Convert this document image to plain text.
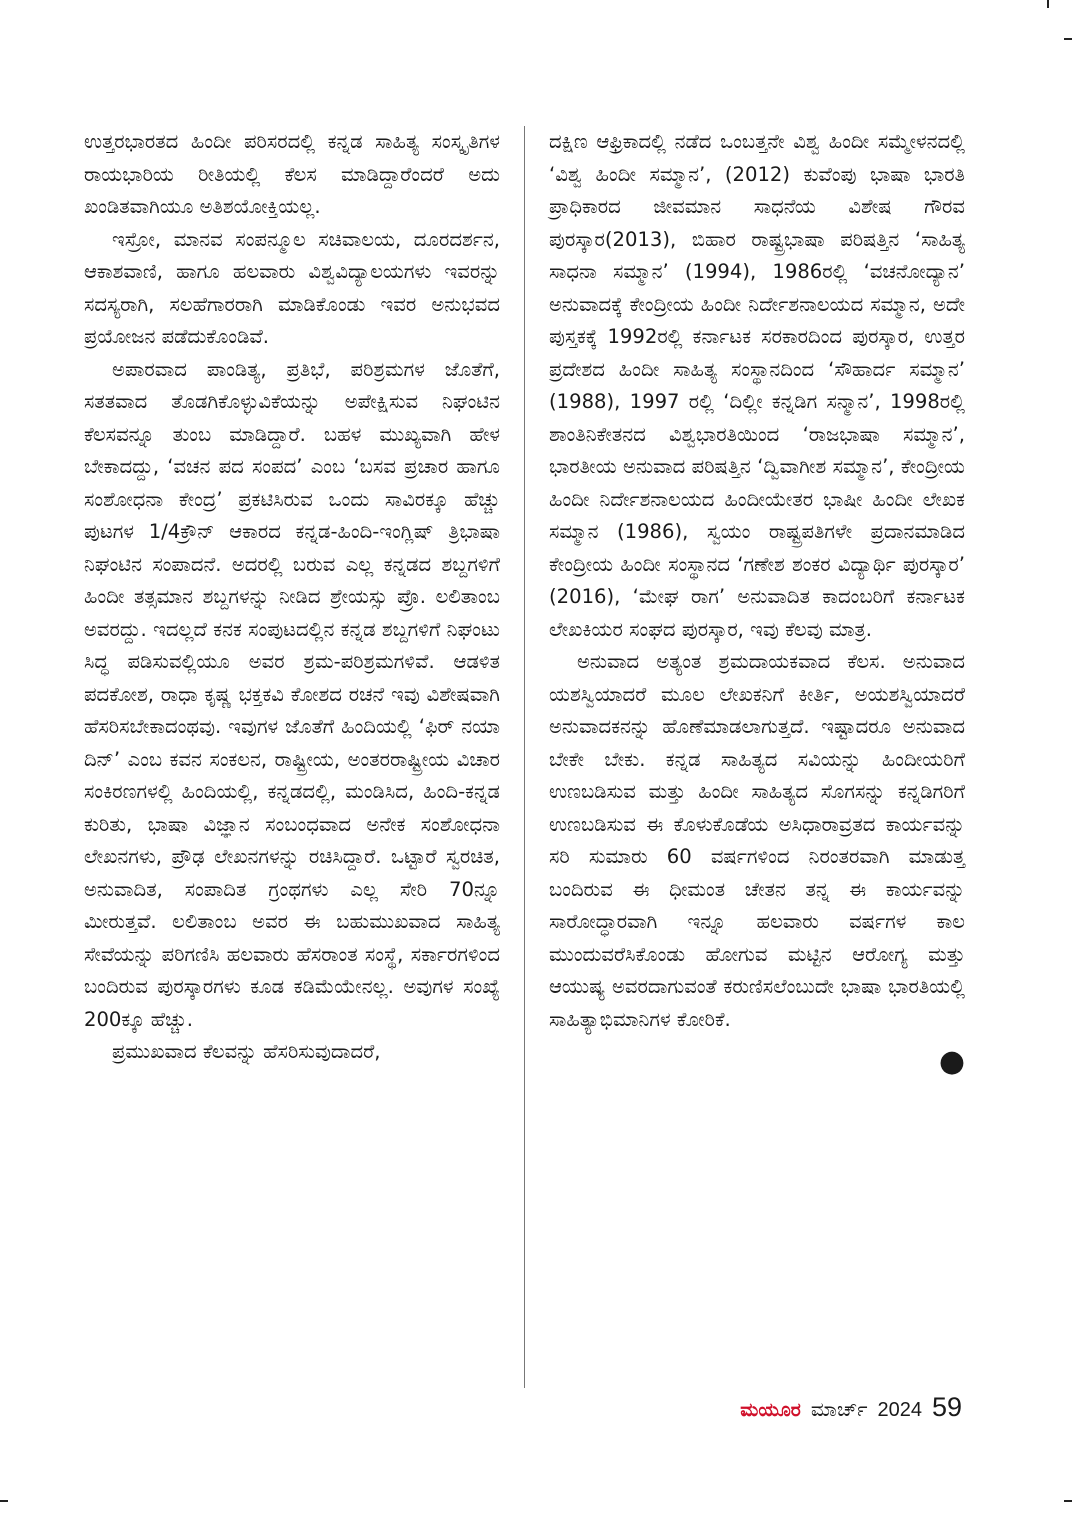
ಉತ್ತರಭಾರತದ ಹಿಂದೀ ಪರಿಸರದಲ್ಲಿ ಕನ್ನಡ ಸಾಹಿತ್ಯ ಸಂಸ್ಕೃತಿಗಳ ರಾಯಭಾರಿಯ ರೀತಿಯಲ್ಲಿ ಕೆಲಸ ಮಾಡಿದ್ದಾರೆಂದರೆ ಅದು ಖಂಡಿತವಾಗಿಯೂ ಅತಿಶಯೋಕ್ತಿಯಲ್ಲ.

ಇಸ್ರೋ, ಮಾನವ ಸಂಪನ್ಮೂಲ ಸಚಿವಾಲಯ, ದೂರದರ್ಶನ, ಆಕಾಶವಾಣಿ, ಹಾಗೂ ಹಲವಾರು ವಿಶ್ವವಿದ್ಯಾಲಯಗಳು ಇವರನ್ನು ಸದಸ್ಯರಾಗಿ, ಸಲಹೆಗಾರರಾಗಿ ಮಾಡಿಕೊಂಡು ಇವರ ಅನುಭವದ ಪ್ರಯೋಜನ ಪಡೆದುಕೊಂಡಿವೆ.

ಅಪಾರವಾದ ಪಾಂಡಿತ್ಯ, ಪ್ರತಿಭೆ, ಪರಿಶ್ರಮಗಳ ಜೊತೆಗೆ, ಸತತವಾದ ತೊಡಗಿಕೊಳ್ಳುವಿಕೆಯನ್ನು ಅಪೇಕ್ಷಿಸುವ ನಿಘಂಟಿನ ಕೆಲಸವನ್ನೂ ತುಂಬ ಮಾಡಿದ್ದಾರೆ. ಬಹಳ ಮುಖ್ಯವಾಗಿ ಹೇಳ ಬೇಕಾದದ್ದು, ‘ವಚನ ಪದ ಸಂಪದ’ ಎಂಬ ‘ಬಸವ ಪ್ರಚಾರ ಹಾಗೂ ಸಂಶೋಧನಾ ಕೇಂದ್ರ’ ಪ್ರಕಟಿಸಿರುವ ಒಂದು ಸಾವಿರಕ್ಕೂ ಹೆಚ್ಚು ಪುಟಗಳ 1/4ಕ್ರೌನ್ ಆಕಾರದ ಕನ್ನಡ-ಹಿಂದಿ-ಇಂಗ್ಲಿಷ್ ತ್ರಿಭಾಷಾ ನಿಘಂಟಿನ ಸಂಪಾದನೆ. ಅದರಲ್ಲಿ ಬರುವ ಎಲ್ಲ ಕನ್ನಡದ ಶಬ್ದಗಳಿಗೆ ಹಿಂದೀ ತತ್ಸಮಾನ ಶಬ್ದಗಳನ್ನು ನೀಡಿದ ಶ್ರೇಯಸ್ಸು ಪ್ರೊ. ಲಲಿತಾಂಬ ಅವರದ್ದು. ಇದಲ್ಲದೆ ಕನಕ ಸಂಪುಟದಲ್ಲಿನ ಕನ್ನಡ ಶಬ್ದಗಳಿಗೆ ನಿಘಂಟು ಸಿದ್ಧ ಪಡಿಸುವಲ್ಲಿಯೂ ಅವರ ಶ್ರಮ-ಪರಿಶ್ರಮಗಳಿವೆ. ಆಡಳಿತ ಪದಕೋಶ, ರಾಧಾ ಕೃಷ್ಣ ಭಕ್ತಕವಿ ಕೋಶದ ರಚನೆ ಇವು ವಿಶೇಷವಾಗಿ ಹೆಸರಿಸಬೇಕಾದಂಥವು. ಇವುಗಳ ಜೊತೆಗೆ ಹಿಂದಿಯಲ್ಲಿ ‘ಫಿರ್ ನಯಾ ದಿನ್’ ಎಂಬ ಕವನ ಸಂಕಲನ, ರಾಷ್ಟ್ರೀಯ, ಅಂತರರಾಷ್ಟ್ರೀಯ ವಿಚಾರ ಸಂಕಿರಣಗಳಲ್ಲಿ ಹಿಂದಿಯಲ್ಲಿ, ಕನ್ನಡದಲ್ಲಿ, ಮಂಡಿಸಿದ, ಹಿಂದಿ-ಕನ್ನಡ ಕುರಿತು, ಭಾಷಾ ವಿಜ್ಞಾನ ಸಂಬಂಧವಾದ ಅನೇಕ ಸಂಶೋಧನಾ ಲೇಖನಗಳು, ಪ್ರೌಢ ಲೇಖನಗಳನ್ನು ರಚಿಸಿದ್ದಾರೆ. ಒಟ್ಟಾರೆ ಸ್ವರಚಿತ, ಅನುವಾದಿತ, ಸಂಪಾದಿತ ಗ್ರಂಥಗಳು ಎಲ್ಲ ಸೇರಿ 70ನ್ನೂ ಮೀರುತ್ತವೆ. ಲಲಿತಾಂಬ ಅವರ ಈ ಬಹುಮುಖವಾದ ಸಾಹಿತ್ಯ ಸೇವೆಯನ್ನು ಪರಿಗಣಿಸಿ ಹಲವಾರು ಹೆಸರಾಂತ ಸಂಸ್ಥೆ, ಸರ್ಕಾರಗಳಿಂದ ಬಂದಿರುವ ಪುರಸ್ಕಾರಗಳು ಕೂಡ ಕಡಿಮೆಯೇನಲ್ಲ. ಅವುಗಳ ಸಂಖ್ಯೆ 200ಕ್ಕೂ ಹೆಚ್ಚು.

ಪ್ರಮುಖವಾದ ಕೆಲವನ್ನು ಹೆಸರಿಸುವುದಾದರೆ,

ದಕ್ಷಿಣ ಆಫ್ರಿಕಾದಲ್ಲಿ ನಡೆದ ಒಂಬತ್ತನೇ ವಿಶ್ವ ಹಿಂದೀ ಸಮ್ಮೇಳನದಲ್ಲಿ ‘ವಿಶ್ವ ಹಿಂದೀ ಸಮ್ಮಾನ’, (2012) ಕುವೆಂಪು ಭಾಷಾ ಭಾರತಿ ಪ್ರಾಧಿಕಾರದ ಜೀವಮಾನ ಸಾಧನೆಯ ವಿಶೇಷ ಗೌರವ ಪುರಸ್ಕಾರ(2013), ಬಿಹಾರ ರಾಷ್ಟ್ರಭಾಷಾ ಪರಿಷತ್ತಿನ ‘ಸಾಹಿತ್ಯ ಸಾಧನಾ ಸಮ್ಮಾನ’ (1994), 1986ರಲ್ಲಿ ‘ವಚನೋದ್ಯಾನ’ ಅನುವಾದಕ್ಕೆ ಕೇಂದ್ರೀಯ ಹಿಂದೀ ನಿರ್ದೇಶನಾಲಯದ ಸಮ್ಮಾನ, ಅದೇ ಪುಸ್ತಕಕ್ಕೆ 1992ರಲ್ಲಿ ಕರ್ನಾಟಕ ಸರಕಾರದಿಂದ ಪುರಸ್ಕಾರ, ಉತ್ತರ ಪ್ರದೇಶದ ಹಿಂದೀ ಸಾಹಿತ್ಯ ಸಂಸ್ಥಾನದಿಂದ ‘ಸೌಹಾರ್ದ ಸಮ್ಮಾನ’ (1988), 1997 ರಲ್ಲಿ ‘ದಿಲ್ಲೀ ಕನ್ನಡಿಗ ಸನ್ಮಾನ’, 1998ರಲ್ಲಿ ಶಾಂತಿನಿಕೇತನದ ವಿಶ್ವಭಾರತಿಯಿಂದ ‘ರಾಜಭಾಷಾ ಸಮ್ಮಾನ’, ಭಾರತೀಯ ಅನುವಾದ ಪರಿಷತ್ತಿನ ‘ದ್ವಿವಾಗೀಶ ಸಮ್ಮಾನ’, ಕೇಂದ್ರೀಯ ಹಿಂದೀ ನಿರ್ದೇಶನಾಲಯದ ಹಿಂದೀಯೇತರ ಭಾಷೀ ಹಿಂದೀ ಲೇಖಕ ಸಮ್ಮಾನ (1986), ಸ್ವಯಂ ರಾಷ್ಟ್ರಪತಿಗಳೇ ಪ್ರದಾನಮಾಡಿದ ಕೇಂದ್ರೀಯ ಹಿಂದೀ ಸಂಸ್ಥಾನದ ‘ಗಣೇಶ ಶಂಕರ ವಿದ್ಯಾರ್ಥಿ ಪುರಸ್ಕಾರ’ (2016), ‘ಮೇಘ ರಾಗ’ ಅನುವಾದಿತ ಕಾದಂಬರಿಗೆ ಕರ್ನಾಟಕ ಲೇಖಕಿಯರ ಸಂಘದ ಪುರಸ್ಕಾರ, ಇವು ಕೆಲವು ಮಾತ್ರ.

ಅನುವಾದ ಅತ್ಯಂತ ಶ್ರಮದಾಯಕವಾದ ಕೆಲಸ. ಅನುವಾದ ಯಶಸ್ವಿಯಾದರೆ ಮೂಲ ಲೇಖಕನಿಗೆ ಕೀರ್ತಿ, ಅಯಶಸ್ವಿಯಾದರೆ ಅನುವಾದಕನನ್ನು ಹೊಣೆಮಾಡಲಾಗುತ್ತದೆ. ಇಷ್ಟಾದರೂ ಅನುವಾದ ಬೇಕೇ ಬೇಕು. ಕನ್ನಡ ಸಾಹಿತ್ಯದ ಸವಿಯನ್ನು ಹಿಂದೀಯರಿಗೆ ಉಣಬಡಿಸುವ ಮತ್ತು ಹಿಂದೀ ಸಾಹಿತ್ಯದ ಸೊಗಸನ್ನು ಕನ್ನಡಿಗರಿಗೆ ಉಣಬಡಿಸುವ ಈ ಕೊಳುಕೊಡೆಯ ಅಸಿಧಾರಾವ್ರತದ ಕಾರ್ಯವನ್ನು ಸರಿ ಸುಮಾರು 60 ವರ್ಷಗಳಿಂದ ನಿರಂತರವಾಗಿ ಮಾಡುತ್ತ ಬಂದಿರುವ ಈ ಧೀಮಂತ ಚೇತನ ತನ್ನ ಈ ಕಾರ್ಯವನ್ನು ಸಾರೋದ್ಧಾರವಾಗಿ ಇನ್ನೂ ಹಲವಾರು ವರ್ಷಗಳ ಕಾಲ ಮುಂದುವರೆಸಿಕೊಂಡು ಹೋಗುವ ಮಟ್ಟಿನ ಆರೋಗ್ಯ ಮತ್ತು ಆಯುಷ್ಯ ಅವರದಾಗುವಂತೆ ಕರುಣಿಸಲೆಂಬುದೇ ಭಾಷಾ ಭಾರತಿಯಲ್ಲಿ ಸಾಹಿತ್ಯಾಭಿಮಾನಿಗಳ ಕೋರಿಕೆ.

●
ಮಯೂರ ಮಾರ್ಚ್ 2024 59
